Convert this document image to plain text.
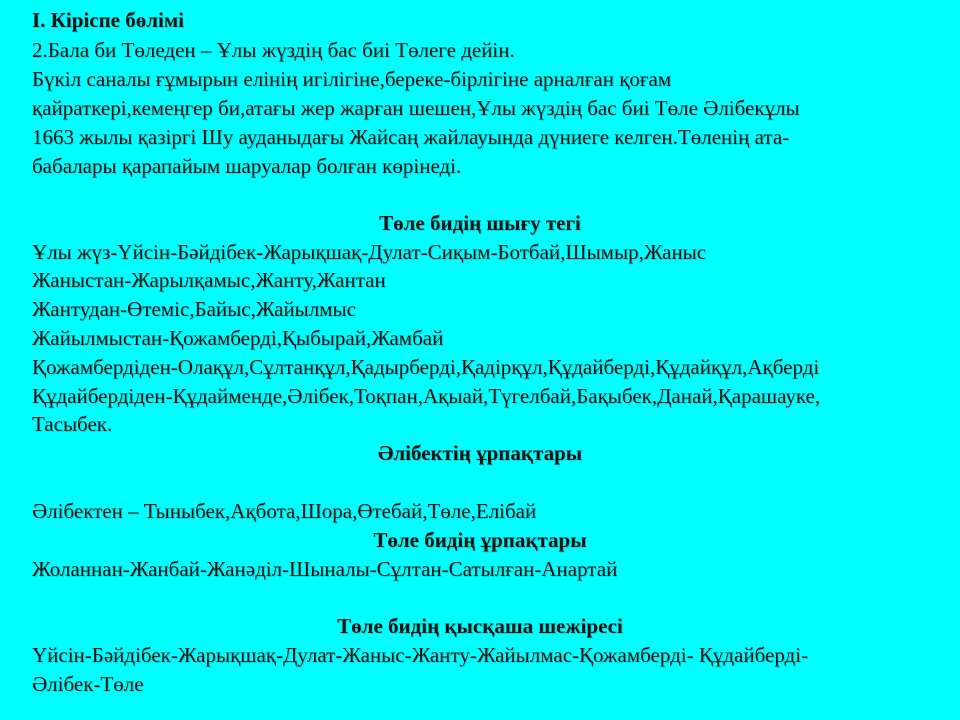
І. Кіріспе бөлімі
2.Бала би Төледен – Ұлы жүздің бас биі Төлеге дейін.
Бүкіл саналы ғұмырын елінің игілігіне,береке-бірлігіне арналған қоғам
қайраткері,кемеңгер би,атағы жер жарған шешен,Ұлы жүздің бас биі Төле Әлібекұлы
1663 жылы қазіргі Шу ауданыдағы Жайсаң жайлауында дүниеге келген.Төленің ата-
бабалары қарапайым шаруалар болған көрінеді.
Төле бидің шығу тегі
Ұлы жүз-Үйсін-Бәйдібек-Жарықшақ-Дулат-Сиқым-Ботбай,Шымыр,Жаныс
Жаныстан-Жарылқамыс,Жанту,Жантан
Жантудан-Өтеміс,Байыс,Жайылмыс
Жайылмыстан-Қожамберді,Қыбырай,Жамбай
Қожамбердіден-Олақұл,Сұлтанқұл,Қадырберді,Қадірқұл,Құдайберді,Құдайқұл,Ақберді
Құдайбердіден-Құдайменде,Әлібек,Тоқпан,Ақыай,Түгелбай,Бақыбек,Данай,Қарашауке,
Тасыбек.
Әлібектің ұрпақтары
Әлібектен – Тыныбек,Ақбота,Шора,Өтебай,Төле,Елібай
Төле бидің ұрпақтары
Жоланнан-Жанбай-Жанәділ-Шыналы-Сұлтан-Сатылған-Анартай
Төле бидің қысқаша шежіресі
Үйсін-Бәйдібек-Жарықшақ-Дулат-Жаныс-Жанту-Жайылмас-Қожамберді- Құдайберді-
Әлібек-Төле
